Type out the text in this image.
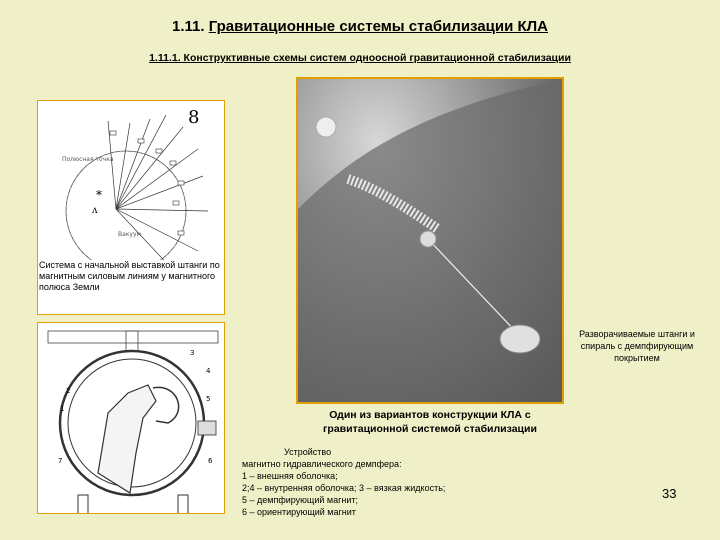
1.11. Гравитационные системы стабилизации КЛА
1.11.1. Конструктивные схемы систем одноосной гравитационной стабилизации
8
Полюсная точка
Вакуум
*
ʌ
Система с начальной выставкой штанги по магнитным силовым линиям у магнитного полюса Земли
2
1
3
4
5
6
7
Разворачиваемые штанги и спираль с демпфирующим покрытием
Один из вариантов конструкции КЛА с гравитационной системой стабилизации
Устройство
магнитно гидравлического демпфера:
1 – внешняя оболочка;
2;4 – внутренняя оболочка; 3 – вязкая жидкость; 5 – демпфирующий магнит;
6 – ориентирующий магнит
33
